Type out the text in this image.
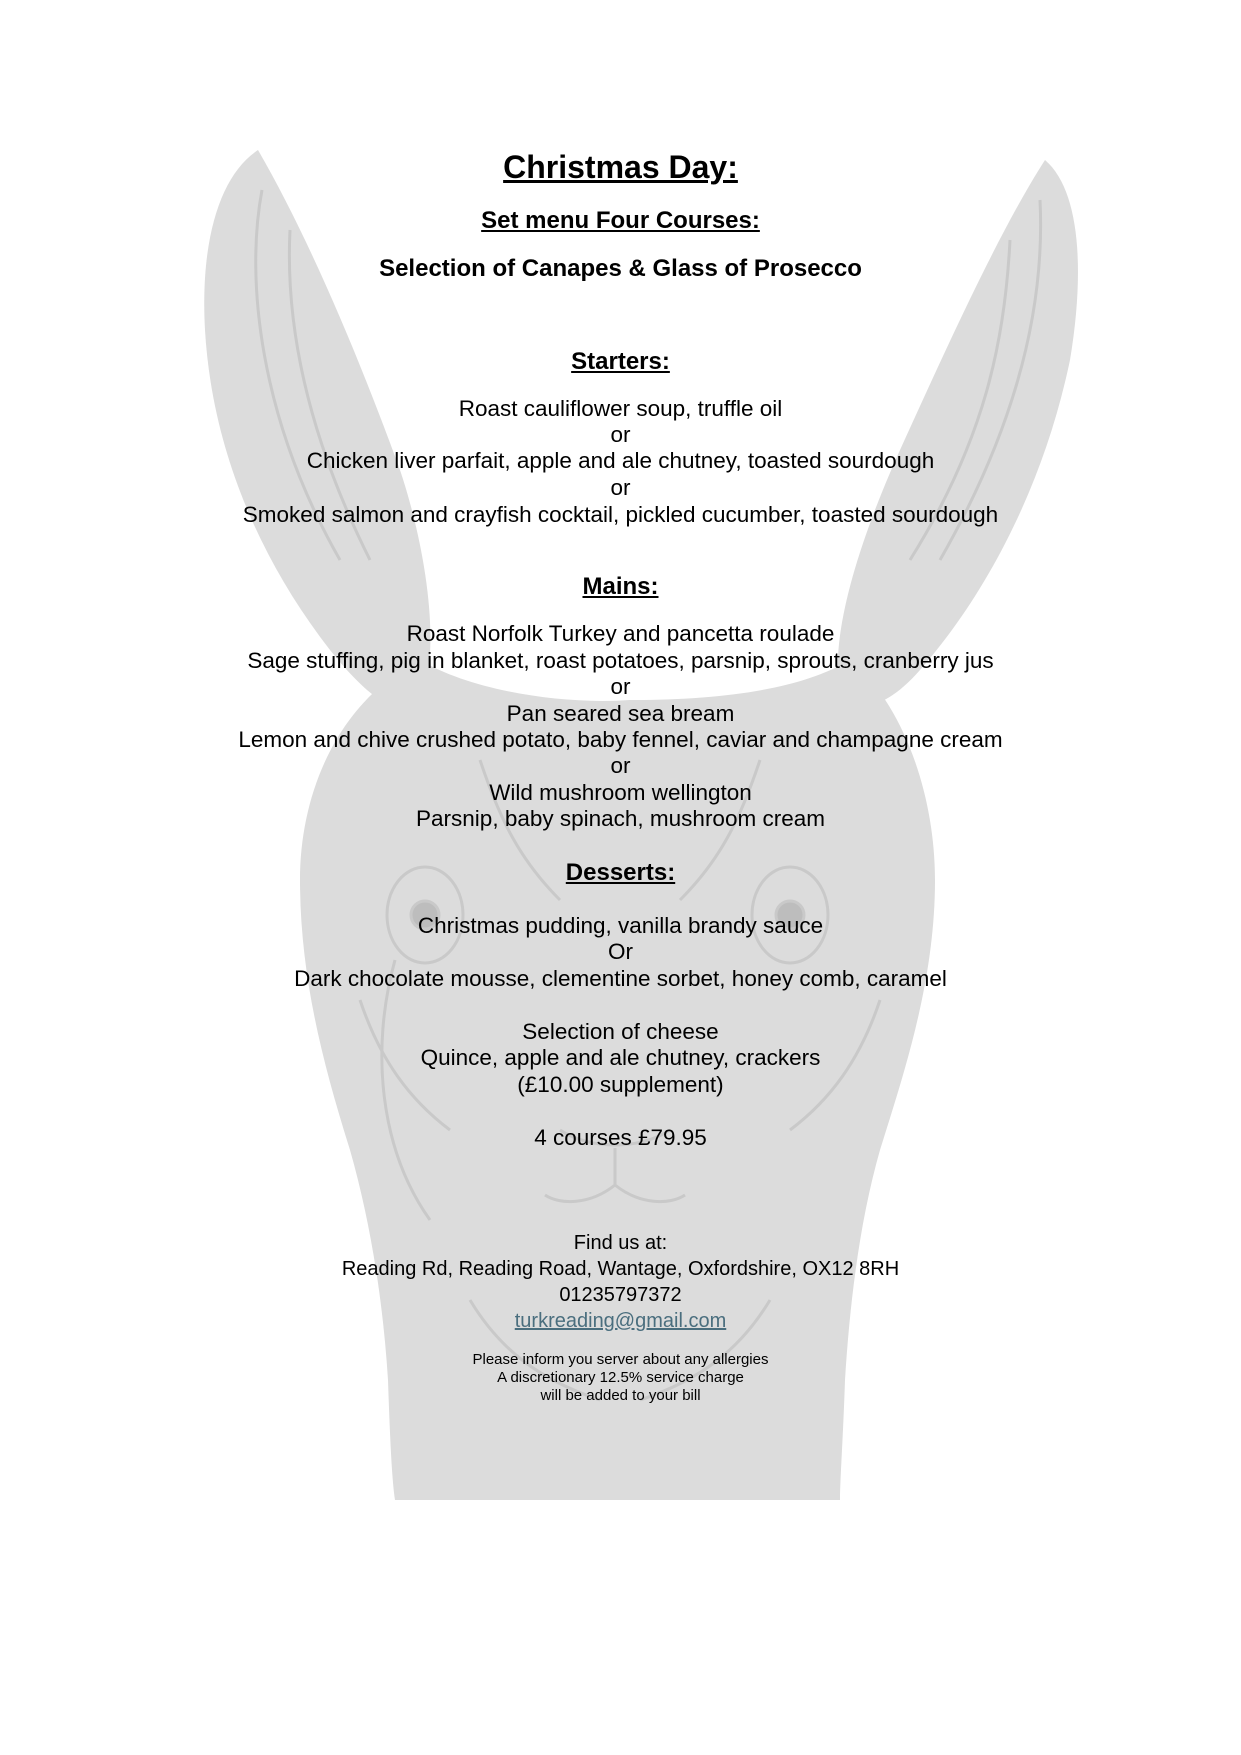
Christmas Day:
Set menu Four Courses:
Selection of Canapes & Glass of Prosecco
Starters:
Roast cauliflower soup, truffle oil
or
Chicken liver parfait, apple and ale chutney, toasted sourdough
or
Smoked salmon and crayfish cocktail, pickled cucumber, toasted sourdough
Mains:
Roast Norfolk Turkey and pancetta roulade
Sage stuffing, pig in blanket, roast potatoes, parsnip, sprouts, cranberry jus
or
Pan seared sea bream
Lemon and chive crushed potato, baby fennel, caviar and champagne cream
or
Wild mushroom wellington
Parsnip, baby spinach, mushroom cream
Desserts:
Christmas pudding, vanilla brandy sauce
Or
Dark chocolate mousse, clementine sorbet, honey comb, caramel
Selection of cheese
Quince, apple and ale chutney, crackers
(£10.00 supplement)
4 courses £79.95
Find us at:
Reading Rd, Reading Road, Wantage, Oxfordshire, OX12 8RH
01235797372
turkreading@gmail.com
Please inform you server about any allergies
A discretionary 12.5% service charge
will be added to your bill
